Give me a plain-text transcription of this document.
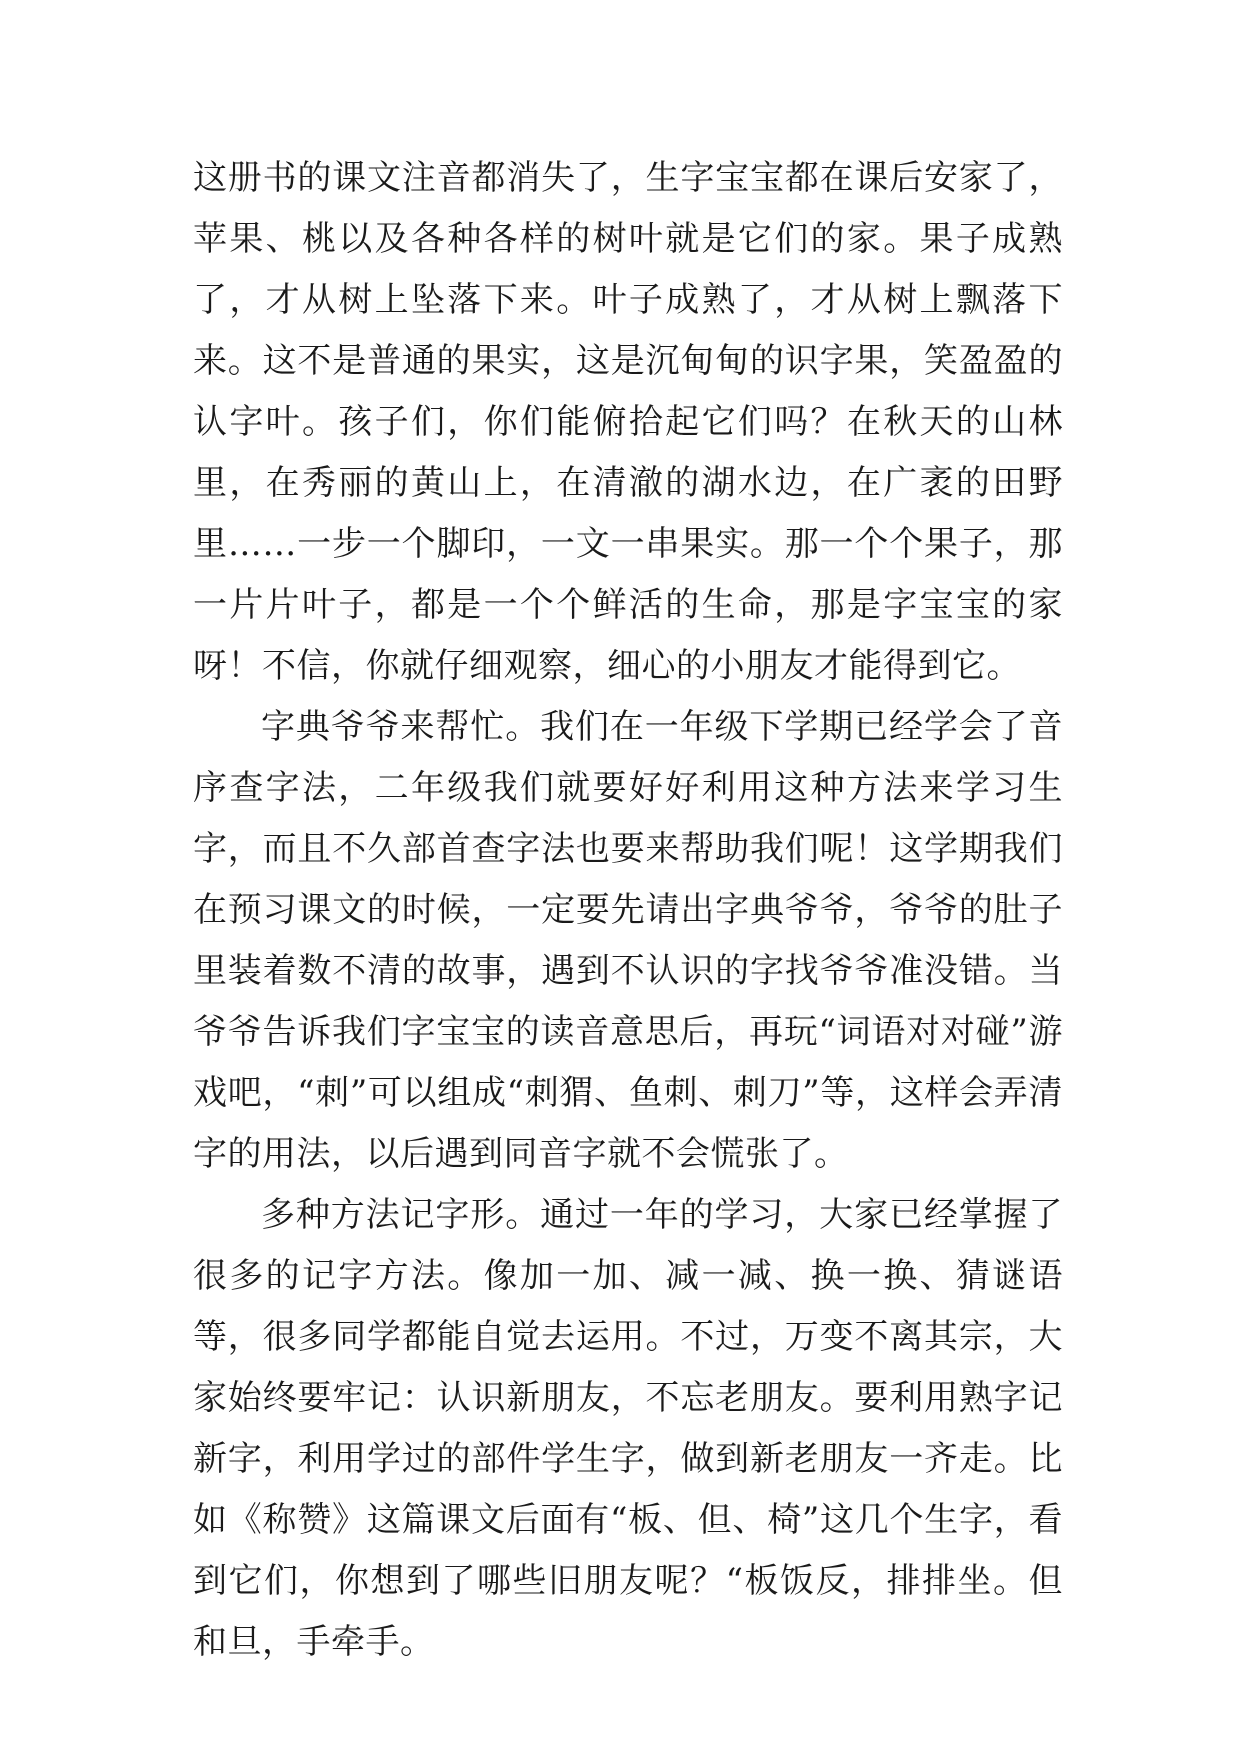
这册书的课文注音都消失了，生字宝宝都在课后安家了，苹果、桃以及各种各样的树叶就是它们的家。果子成熟了，才从树上坠落下来。叶子成熟了，才从树上飘落下来。这不是普通的果实，这是沉甸甸的识字果，笑盈盈的认字叶。孩子们，你们能俯拾起它们吗？在秋天的山林里，在秀丽的黄山上，在清澈的湖水边，在广袤的田野里……一步一个脚印，一文一串果实。那一个个果子，那一片片叶子，都是一个个鲜活的生命，那是字宝宝的家呀！不信，你就仔细观察，细心的小朋友才能得到它。

字典爷爷来帮忙。我们在一年级下学期已经学会了音序查字法，二年级我们就要好好利用这种方法来学习生字，而且不久部首查字法也要来帮助我们呢！这学期我们在预习课文的时候，一定要先请出字典爷爷，爷爷的肚子里装着数不清的故事，遇到不认识的字找爷爷准没错。当爷爷告诉我们字宝宝的读音意思后，再玩“词语对对碰”游戏吧，“刺”可以组成“刺猬、鱼刺、刺刀”等，这样会弄清字的用法，以后遇到同音字就不会慌张了。

多种方法记字形。通过一年的学习，大家已经掌握了很多的记字方法。像加一加、减一减、换一换、猜谜语等，很多同学都能自觉去运用。不过，万变不离其宗，大家始终要牢记：认识新朋友，不忘老朋友。要利用熟字记新字，利用学过的部件学生字，做到新老朋友一齐走。比如《称赞》这篇课文后面有“板、但、椅”这几个生字，看到它们，你想到了哪些旧朋友呢？“板饭反，排排坐。但和旦，手牵手。
